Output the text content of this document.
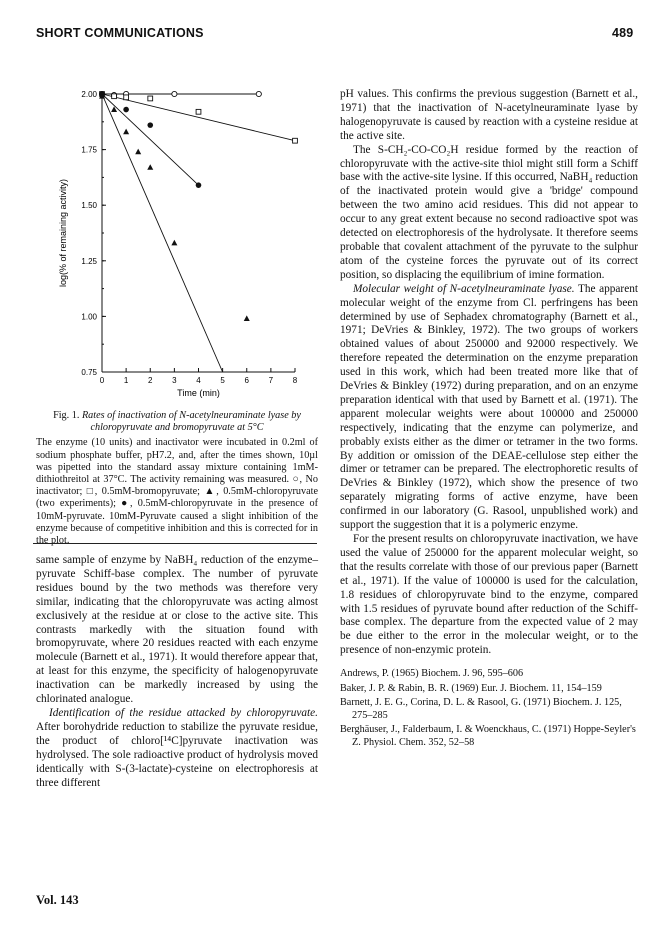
SHORT COMMUNICATIONS	489
0 1 2 3 4 5 6 7 8
0.75
1.00
1.25
1.50
1.75
2.00
Time (min)
log(% of remaining activity)
Fig. 1. Rates of inactivation of N-acetylneuraminate lyase by chloropyruvate and bromopyruvate at 5°C

The enzyme (10 units) and inactivator were incubated in 0.2ml of sodium phosphate buffer, pH7.2, and, after the times shown, 10µl was pipetted into the standard assay mixture containing 1mM-dithiothreitol at 37°C. The activity remaining was measured. ○, No inactivator; □, 0.5mM-bromopyruvate; ▲, 0.5mM-chloropyruvate (two experiments); ●, 0.5mM-chloropyruvate in the presence of 10mM-pyruvate. 10mM-Pyruvate caused a slight inhibition of the enzyme because of competitive inhibition and this is corrected for in the plot.

same sample of enzyme by NaBH₄ reduction of the enzyme–pyruvate Schiff-base complex. The number of pyruvate residues bound by the two methods was therefore very similar, indicating that the chloropyruvate was acting almost exclusively at the residue at or close to the active site. This contrasts markedly with the situation found with bromopyruvate, where 20 residues reacted with each enzyme molecule (Barnett et al., 1971). It would therefore appear that, at least for this enzyme, the specificity of halogenopyruvate inactivation can be markedly increased by using the chlorinated analogue.

Identification of the residue attacked by chloropyruvate. After borohydride reduction to stabilize the pyruvate residue, the product of chloro[¹⁴C]pyruvate inactivation was hydrolysed. The sole radioactive product of hydrolysis moved identically with S-(3-lactate)-cysteine on electrophoresis at three different

pH values. This confirms the previous suggestion (Barnett et al., 1971) that the inactivation of N-acetylneuraminate lyase by halogenopyruvate is caused by reaction with a cysteine residue at the active site.

The S-CH₂-CO-CO₂H residue formed by the reaction of chloropyruvate with the active-site thiol might still form a Schiff base with the active-site lysine. If this occurred, NaBH₄ reduction of the inactivated protein would give a 'bridge' compound between the two amino acid residues. This did not appear to occur to any great extent because no second radioactive spot was detected on electrophoresis of the hydrolysate. It therefore seems probable that covalent attachment of the pyruvate to the sulphur atom of the cysteine forces the pyruvate out of its correct position, so displacing the equilibrium of imine formation.

Molecular weight of N-acetylneuraminate lyase. The apparent molecular weight of the enzyme from Cl. perfringens has been determined by use of Sephadex chromatography (Barnett et al., 1971; DeVries & Binkley, 1972). The two groups of workers obtained values of about 250000 and 92000 respectively. We therefore repeated the determination on the enzyme preparation used in this work, which had been treated more like that of DeVries & Binkley (1972) during preparation, and on an enzyme preparation identical with that used by Barnett et al. (1971). The apparent molecular weights were about 100000 and 250000 respectively, indicating that the enzyme can polymerize, and probably exists either as the dimer or tetramer in the two forms. By addition or omission of the DEAE-cellulose step either the dimer or tetramer can be prepared. The electrophoretic results of DeVries & Binkley (1972), which show the presence of two separately migrating forms of active enzyme, have been confirmed in our laboratory (G. Rasool, unpublished work) and support the suggestion that it is a polymeric enzyme.

For the present results on chloropyruvate inactivation, we have used the value of 250000 for the apparent molecular weight, so that the results correlate with those of our previous paper (Barnett et al., 1971). If the value of 100000 is used for the calculation, 1.8 residues of chloropyruvate bind to the enzyme, compared with 1.5 residues of pyruvate bound after reduction of the Schiff-base complex. The departure from the expected value of 2 may be due either to the error in the molecular weight, or to the presence of non-enzymic protein.

Andrews, P. (1965) Biochem. J. 96, 595–606

Baker, J. P. & Rabin, B. R. (1969) Eur. J. Biochem. 11, 154–159

Barnett, J. E. G., Corina, D. L. & Rasool, G. (1971) Biochem. J. 125, 275–285

Berghäuser, J., Falderbaum, I. & Woenckhaus, C. (1971) Hoppe-Seyler's Z. Physiol. Chem. 352, 52–58

Vol. 143
